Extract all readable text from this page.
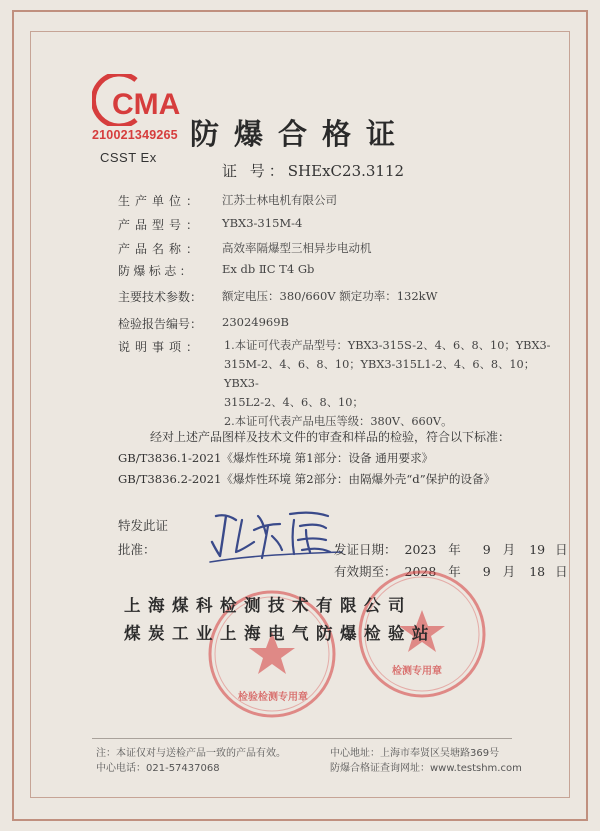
CMA
210021349265
CSST Ex
防爆合格证
证 号：SHExC23.3112
生产单位： 江苏士林电机有限公司
产品型号： YBX3-315M-4
产品名称： 高效率隔爆型三相异步电动机
防爆标志： Ex db ⅡC T4 Gb
主要技术参数： 额定电压：380/660V 额定功率：132kW
检验报告编号： 23024969B
说明事项： 1.本证可代表产品型号：YBX3-315S-2、4、6、8、10；YBX3-
315M-2、4、6、8、10；YBX3-315L1-2、4、6、8、10；YBX3-
315L2-2、4、6、8、10；
2.本证可代表产品电压等级：380V、660V。
经对上述产品图样及技术文件的审查和样品的检验，符合以下标准：
GB/T3836.1-2021《爆炸性环境 第1部分：设备 通用要求》
GB/T3836.2-2021《爆炸性环境 第2部分：由隔爆外壳“d”保护的设备》
特发此证
批准：	发证日期： 2023 年 9 月 19 日
有效期至： 2028 年 9 月 18 日
检验检测专用章
检测专用章
上海煤科检测技术有限公司
煤炭工业上海电气防爆检验站
注：本证仅对与送检产品一致的产品有效。
中心电话：021-57437068
中心地址：上海市奉贤区吴塘路369号
防爆合格证查询网址：www.testshm.com
